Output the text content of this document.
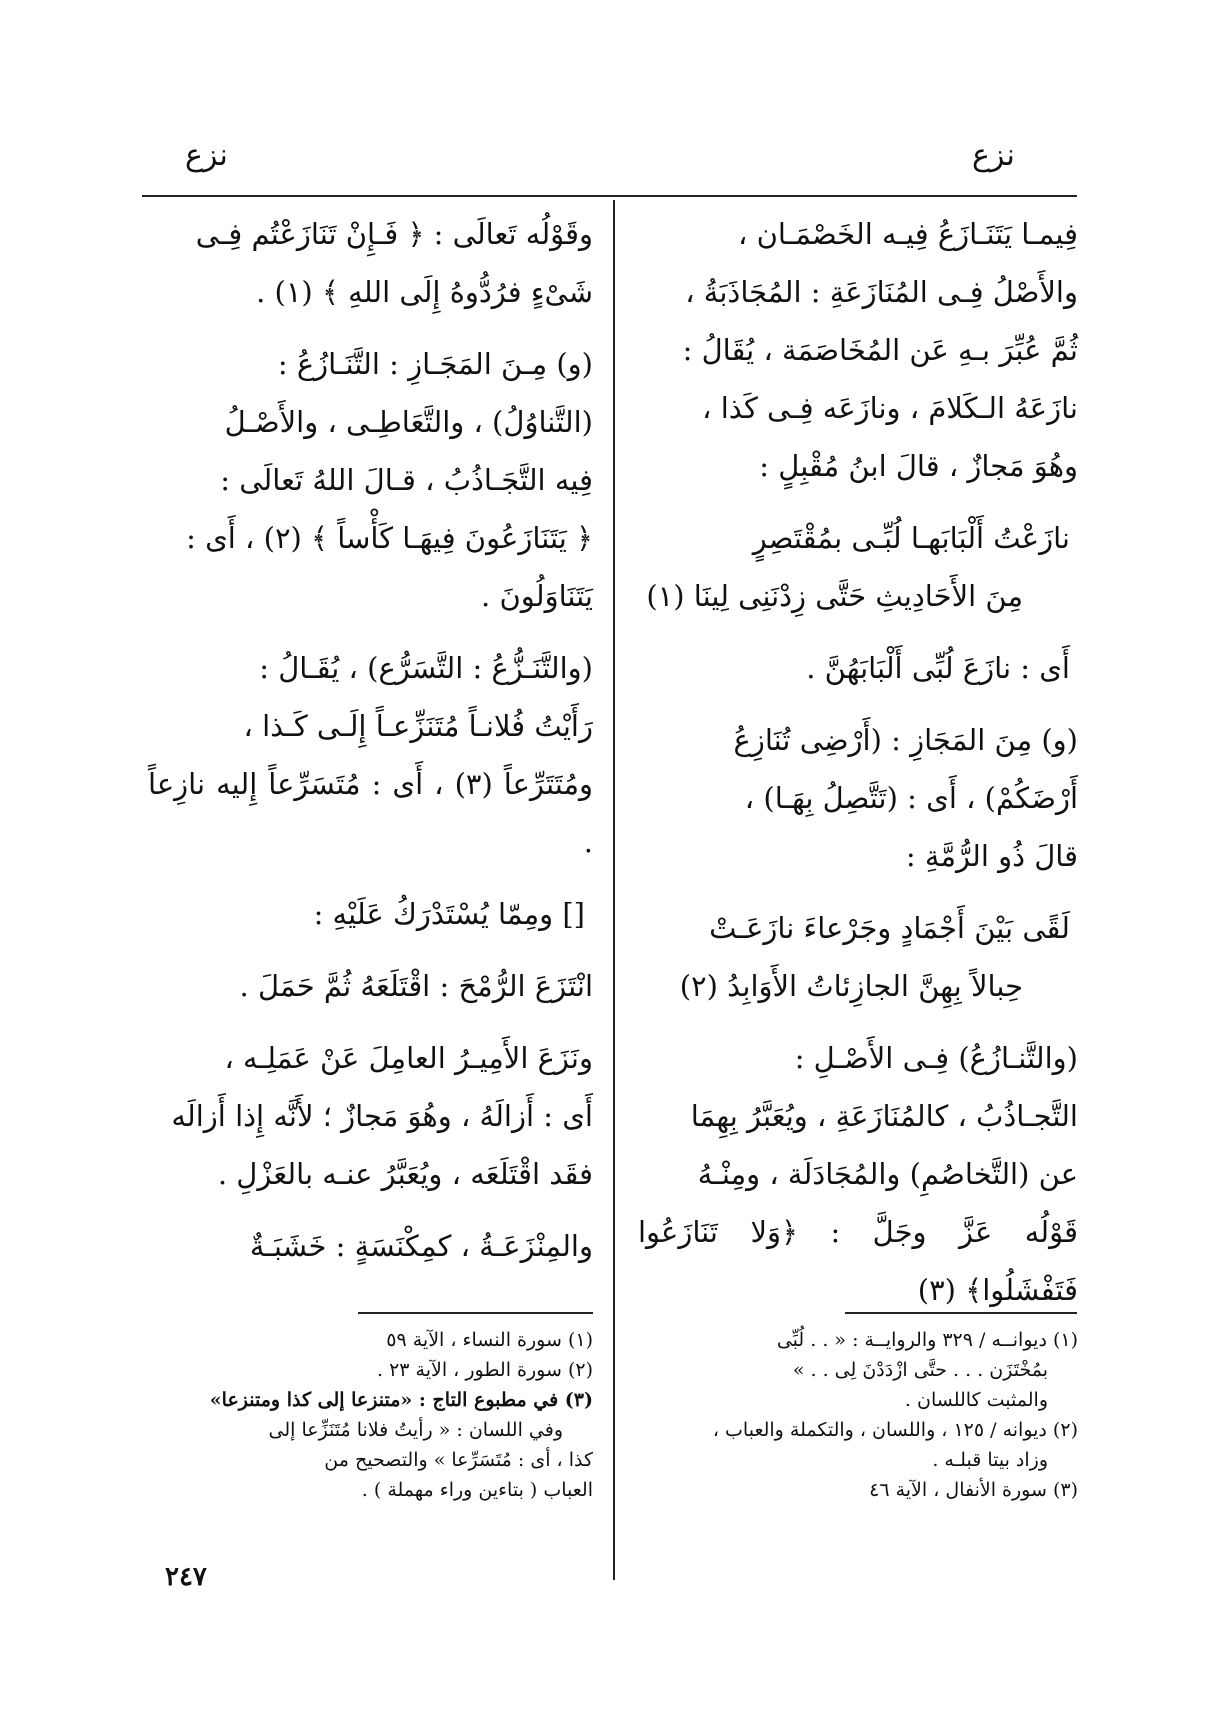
نزع
نزع

فِيمـا يَتَنَـازَعُ فِيـه الخَصْمَـان ،

والأَصْلُ فِـى المُنَازَعَةِ : المُجَاذَبَةُ ،

ثُمَّ عُبِّرَ بـهِ عَن المُخَاصَمَة ، يُقَالُ :

نازَعَهُ الـكَلامَ ، ونازَعَه فِـى كَذا ،

وهُوَ مَجازٌ ، قالَ ابنُ مُقْبِلٍ :

نازَعْتُ أَلْبَابَهـا لُبِّـى بمُقْتَصِرٍ

مِنَ الأَحَادِيثِ حَتَّى زِدْنَنِى لِينَا (١)

أَى : نازَعَ لُبِّى أَلْبَابَهُنَّ .

(و) مِنَ المَجَازِ : (أَرْضِى تُنَازِعُ

أَرْضَكُمْ) ، أَى : (تَتَّصِلُ بِهَـا) ،

قالَ ذُو الرُّمَّةِ :

لَقًى بَيْنَ أَجْمَادٍ وجَرْعاءَ نازَعَـتْ

حِبالاً بِهِنَّ الجازِئاتُ الأَوَابِدُ (٢)

(والتَّنـازُعُ) فِـى الأَصْـلِ :

التَّجـاذُبُ ، كالمُنَازَعَةِ ، ويُعَبَّرُ بِهِمَا

عن (التَّخاصُمِ) والمُجَادَلَة ، ومِنْـهُ

قَوْلُه عَزَّ وجَلَّ : ﴿وَلا تَنَازَعُوا فَتَفْشَلُوا﴾ (٣)

وقَوْلُه تَعالَى : ﴿ فَـإِنْ تَنَازَعْتُم فِـى

شَىْءٍ فرُدُّوهُ إِلَى اللهِ ﴾ (١) .

(و) مِـنَ المَجَـازِ : التَّنَـازُعُ :

(التَّناوُلُ) ، والتَّعَاطِـى ، والأَصْـلُ

فِيه التَّجَـاذُبُ ، قـالَ اللهُ تَعالَى :

﴿ يَتَنَازَعُونَ فِيهَـا كَأْساً ﴾ (٢) ، أَى :

يَتَنَاوَلُونَ .

(والتَّنَـزُّعُ : التَّسَرُّع) ، يُقَـالُ :

رَأَيْتُ فُلانـاً مُتَنَزِّعـاً إِلَـى كَـذا ،

ومُتَتَرِّعاً (٣) ، أَى : مُتَسَرِّعاً إِليه نازِعاً .

[] ومِمّا يُسْتَدْرَكُ عَلَيْهِ :

انْتَزَعَ الرُّمْحَ : اقْتَلَعَهُ ثُمَّ حَمَلَ .

ونَزَعَ الأَمِيـرُ العامِلَ عَنْ عَمَلِـه ،

أَى : أَزالَهُ ، وهُوَ مَجازٌ ؛ لأَنَّه إِذا أَزالَه

فقَد اقْتَلَعَه ، ويُعَبَّرُ عنـه بالعَزْلِ .

والمِنْزَعَـةُ ، كمِكْنَسَةٍ : خَشَبَـةٌ

(١) ديوانــه / ٣٢٩ والروايــة : « . . لُبِّى
بمُخْتَزَن . . . حتَّى ازْدَدْنَ لِى . . »
والمثبت كاللسان .
(٢) ديوانه / ١٢٥ ، واللسان ، والتكملة والعباب ،
وزاد بيتا قبلـه .
(٣) سورة الأنفال ، الآية ٤٦
(١) سورة النساء ، الآية ٥٩
(٢) سورة الطور ، الآية ٢٣ .
(٣) في مطبوع التاج : «متنزعا إلى كذا ومتنزعا»
وفي اللسان : « رأيتُ فلانا مُتَنَزِّعا إلى
كذا ، أى : مُتَسَرِّعا » والتصحيح من
العباب ( بتاءين وراء مهملة ) .
٢٤٧
